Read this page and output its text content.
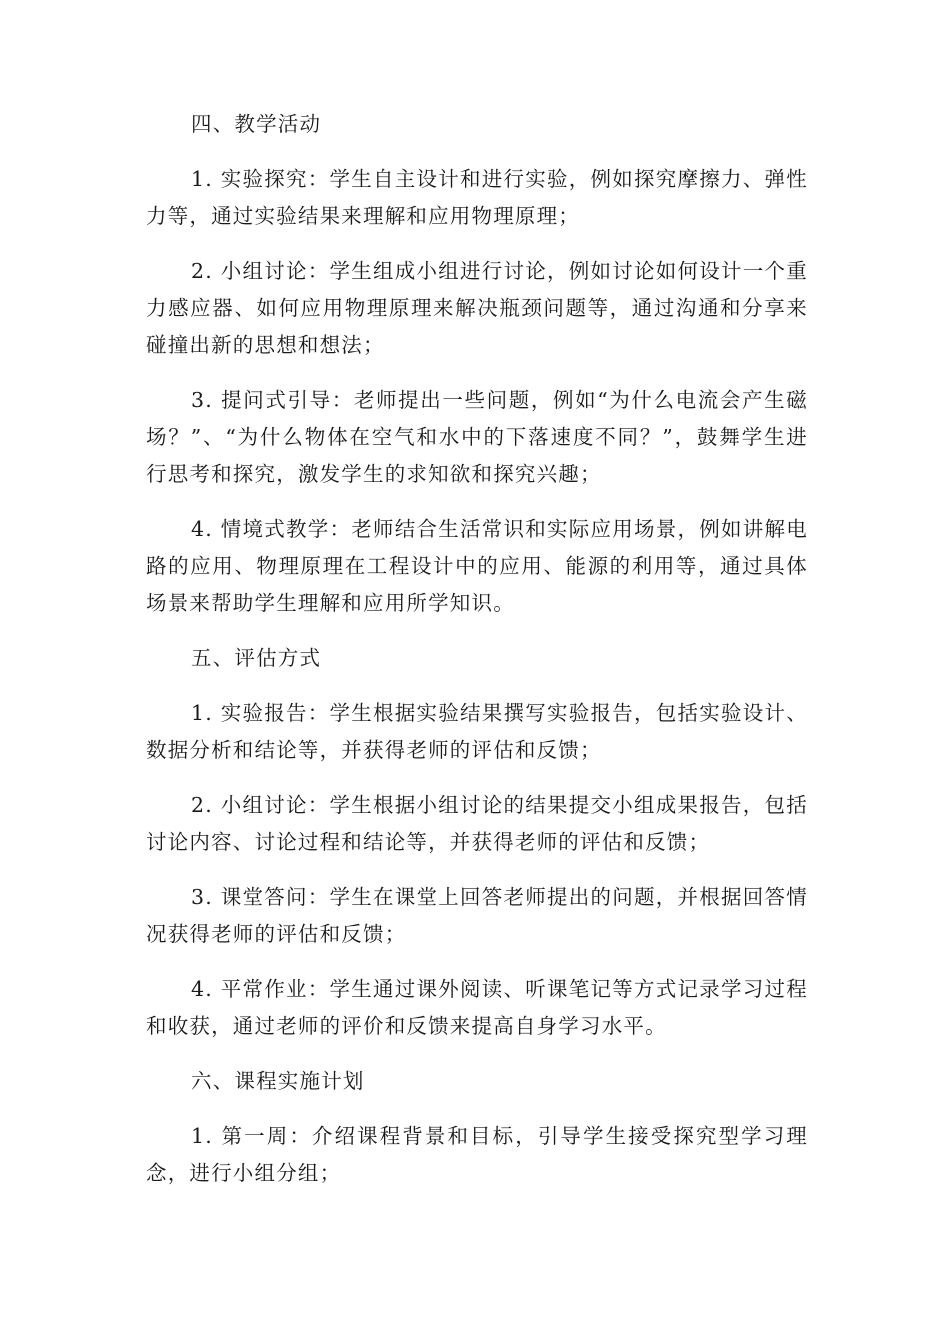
四、教学活动

1. 实验探究：学生自主设计和进行实验，例如探究摩擦力、弹性力等，通过实验结果来理解和应用物理原理；

2. 小组讨论：学生组成小组进行讨论，例如讨论如何设计一个重力感应器、如何应用物理原理来解决瓶颈问题等，通过沟通和分享来碰撞出新的思想和想法；

3. 提问式引导：老师提出一些问题，例如“为什么电流会产生磁场？”、“为什么物体在空气和水中的下落速度不同？”，鼓舞学生进行思考和探究，激发学生的求知欲和探究兴趣；

4. 情境式教学：老师结合生活常识和实际应用场景，例如讲解电路的应用、物理原理在工程设计中的应用、能源的利用等，通过具体场景来帮助学生理解和应用所学知识。

五、评估方式

1. 实验报告：学生根据实验结果撰写实验报告，包括实验设计、数据分析和结论等，并获得老师的评估和反馈；

2. 小组讨论：学生根据小组讨论的结果提交小组成果报告，包括讨论内容、讨论过程和结论等，并获得老师的评估和反馈；

3. 课堂答问：学生在课堂上回答老师提出的问题，并根据回答情况获得老师的评估和反馈；

4. 平常作业：学生通过课外阅读、听课笔记等方式记录学习过程和收获，通过老师的评价和反馈来提高自身学习水平。

六、课程实施计划

1. 第一周：介绍课程背景和目标，引导学生接受探究型学习理念，进行小组分组；
